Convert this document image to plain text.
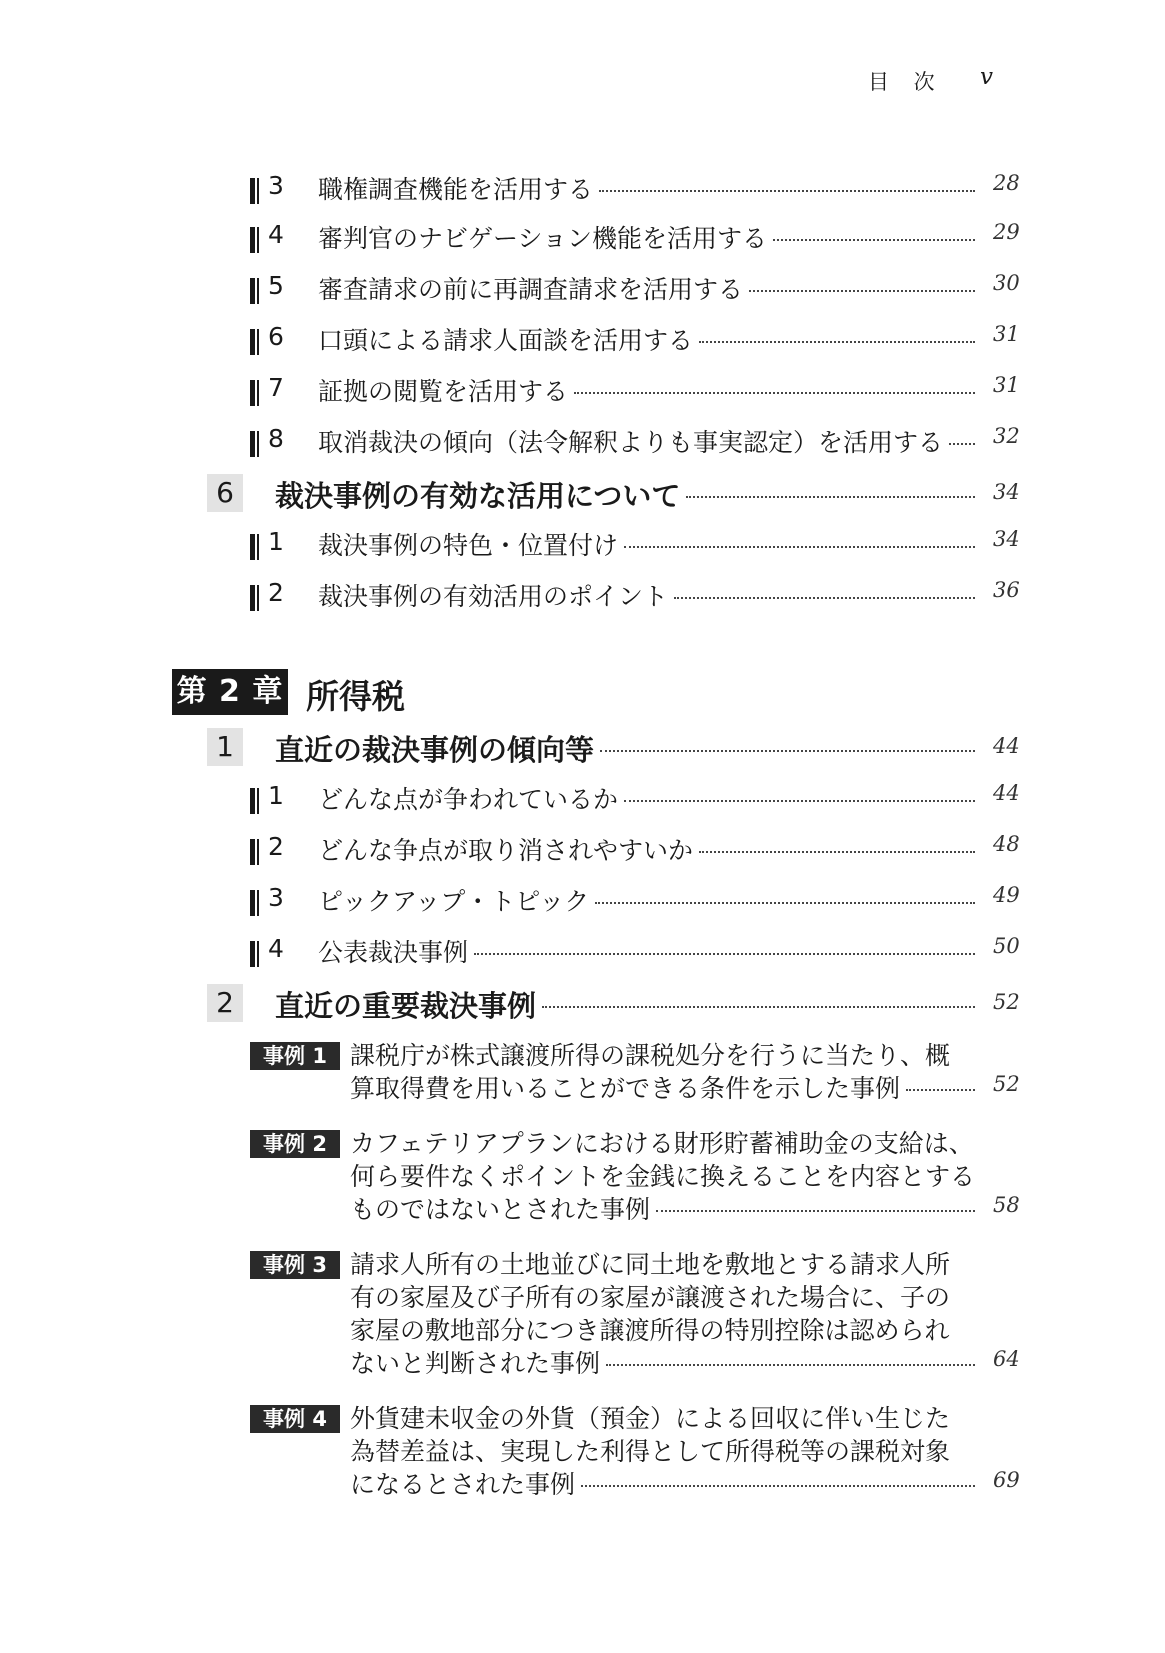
目 次 v
3 職権調査機能を活用する	28
4 審判官のナビゲーション機能を活用する	29
5 審査請求の前に再調査請求を活用する	30
6 口頭による請求人面談を活用する	31
7 証拠の閲覧を活用する	31
8 取消裁決の傾向（法令解釈よりも事実認定）を活用する 32
6	裁決事例の有効な活用について	34
1 裁決事例の特色・位置付け	34
2 裁決事例の有効活用のポイント	36
第 2 章 所得税
1	直近の裁決事例の傾向等	44
1 どんな点が争われているか	44
2 どんな争点が取り消されやすいか	48
3 ピックアップ・トピック	49
4 公表裁決事例	50
2	直近の重要裁決事例	52
事例 1 課税庁が株式譲渡所得の課税処分を行うに当たり、概
算取得費を用いることができる条件を示した事例	52
事例 2 カフェテリアプランにおける財形貯蓄補助金の支給は、
何ら要件なくポイントを金銭に換えることを内容とする
ものではないとされた事例	58
事例 3 請求人所有の土地並びに同土地を敷地とする請求人所
有の家屋及び子所有の家屋が譲渡された場合に、子の
家屋の敷地部分につき譲渡所得の特別控除は認められ
ないと判断された事例	64
事例 4 外貨建未収金の外貨（預金）による回収に伴い生じた
為替差益は、実現した利得として所得税等の課税対象
になるとされた事例	69
